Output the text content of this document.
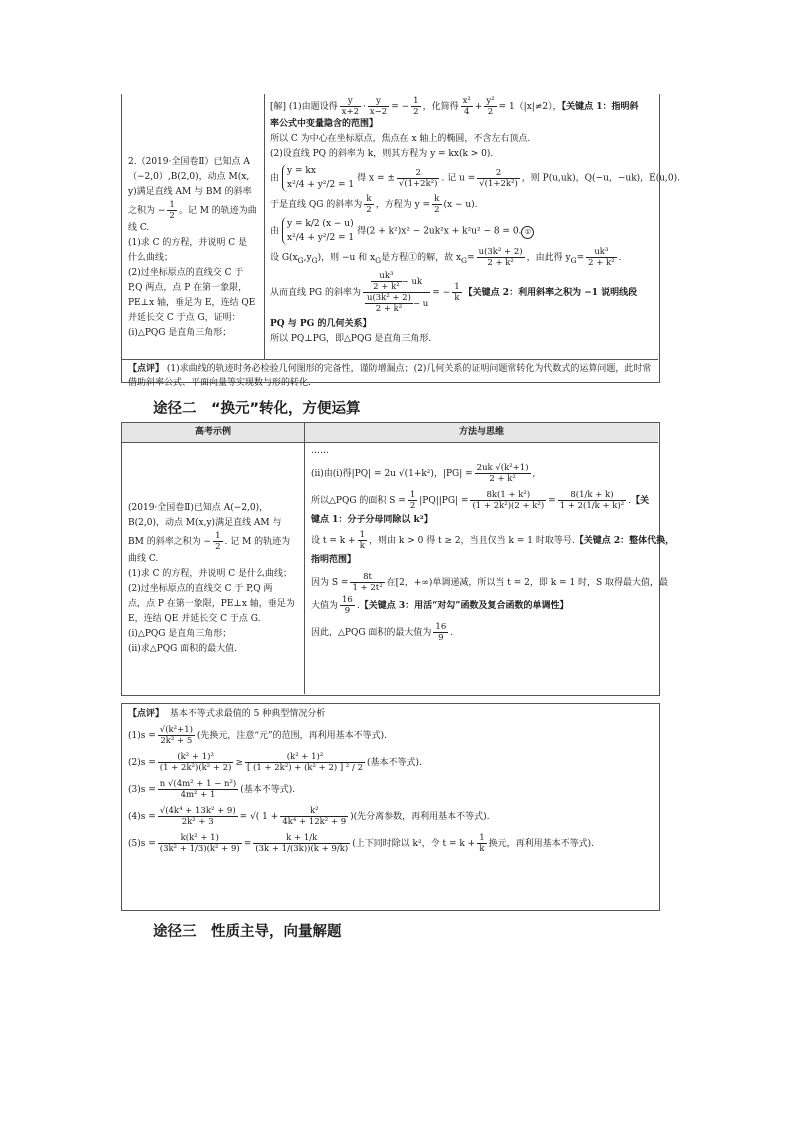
2.（2019·全国卷Ⅱ）已知点 A
（−2,0）,B(2,0)，动点 M(x,
y)满足直线 AM 与 BM 的斜率
之积为 − $\frac{1}{2}$ 。记 M 的轨迹为曲
线 C.
(1)求 C 的方程，并说明 C 是
什么曲线；
(2)过坐标原点的直线交 C 于
P,Q 两点，点 P 在第一象限，
PE⊥x 轴，垂足为 E，连结 QE
并延长交 C 于点 G，证明：
(ⅰ)△PQG 是直角三角形；
[解] (1)由题设得 $\frac{y}{x+2} \cdot \frac{y}{x-2}$ = − $\frac{1}{2}$ ，化简得 $\frac{\text{x²}}{4} + \frac{\text{y²}}{2} = 1(|x|\ne 2)$，【关键点 1：指明斜
率公式中变量隐含的范围】
所以 C 为中心在坐标原点，焦点在 x 轴上的椭圆，不含左右顶点.
(2)设直线 PQ 的斜率为 k，则其方程为 y = kx(k > 0).
由
y = kx
x²/4 + y²/2 = 1
得 x = ± $\frac{2}{\text{√(1+2k²)}}$ . 记 $u = \frac{2}{\text{√(1+2k²)}}$ ，则 P(u,uk)，Q(−u，−uk)，E(u,0).
于是直线 QG 的斜率为 $\frac{k}{2}$ ，方程为 $y = \frac{k}{2} (x - u)$.
由
y = k/2 (x − u)
x²/4 + y²/2 = 1
得(2 + k²)x² − 2uk²x + k²u² − 8 = 0. ①
设 $G(x_G,y_G)$，则 −u 和 $x_G$是方程①的解，故 $x_G= \frac{\text{u(3k² + 2)}}{\text{2 + k²}}$ ，由此得 $y_G= \frac{\text{uk³}}{\text{2 + k²}}$ .
从而直线 PG 的斜率为 $\frac{\frac{\text{uk³}}{\text{2 + k²}} - uk}{\frac{\text{u(3k² + 2)}}{\text{2 + k²}} - u}$ = − $\frac{1}{k}$ 【关键点 2：利用斜率之积为 −1 说明线段
PQ 与 PG 的几何关系】
所以 PQ⊥PG，即△PQG 是直角三角形.
【点评】 (1)求曲线的轨迹时务必检验几何图形的完备性，谨防增漏点；(2)几何关系的证明问题常转化为代数式的运算问题，此时常借助斜率公式、平面向量等实现数与形的转化.
途径二　“换元”转化，方便运算
高考示例	方法与思维
(2019·全国卷Ⅱ)已知点 A(−2,0)，
B(2,0)，动点 M(x,y)满足直线 AM 与
BM 的斜率之积为 − $\frac{1}{2}$ . 记 M 的轨迹为
曲线 C.
(1)求 C 的方程，并说明 C 是什么曲线；
(2)过坐标原点的直线交 C 于 P,Q 两
点，点 P 在第一象限，PE⊥x 轴，垂足为
E，连结 QE 并延长交 C 于点 G.
(ⅰ)△PQG 是直角三角形；
(ⅱ)求△PQG 面积的最大值.
……
(ⅱ)由(ⅰ)得|PQ| = 2u √(1+k²)，$|PG| = \frac{\text{2uk √(k²+1)}}{\text{2 + k²}}$ ,
所以△PQG 的面积 $S = \frac{1}{2} |PQ||PG| = \frac{\text{8k(1 + k²)}}{\text{(1 + 2k²)(2 + k²)}} = \frac{8(1/k + k)}{\text{1 + 2(1/k + k)²}}$ .【关
键点 1：分子分母同除以 k²】
设 $t = k + \frac{1}{k}$ ，则由 k > 0 得 t ≥ 2，当且仅当 k = 1 时取等号.【关键点 2：整体代换，
指明范围】
因为 $S = \frac{8t}{\text{1 + 2t²}}$ 在[2，+∞)单调递减，所以当 t = 2，即 k = 1 时，S 取得最大值，最
大值为 $\frac{16}{9}$ .【关键点 3：用活“对勾”函数及复合函数的单调性】
因此，△PQG 面积的最大值为 $\frac{16}{9}$ .
【点评】 基本不等式求最值的 5 种典型情况分析
$(1)s = \frac{\text{√(k²+1)}}{\text{2k² + 5}}$ (先换元，注意“元”的范围，再利用基本不等式).
$(2)s = \frac{\text{(k² + 1)²}}{\text{(1 + 2k²)(k² + 2)}} \ge \frac{\text{(k² + 1)²}}{\text{[ (1 + 2k²) + (k² + 2) ] ² / 2}}$ (基本不等式).
$(3)s = \frac{\text{n √(4m² + 1 − n²)}}{\text{4m² + 1}}$ (基本不等式).
$(4)s = \frac{\text{√(4k⁴ + 13k² + 9)}}{\text{2k² + 3}}$ = √( $1 + \frac{\text{k²}}{\text{4k⁴ + 12k² + 9}}$ )(先分离参数，再利用基本不等式).
$(5)s = \frac{\text{k(k² + 1)}}{\text{(3k² + 1/3)(k² + 9)}} = \frac{k + 1/k}{(3k + 1/(3k))(k + 9/k)}$ (上下同时除以 k²，令 $t = k + \frac{1}{k}$ 换元，再利用基本不等式).
途径三　性质主导，向量解题
